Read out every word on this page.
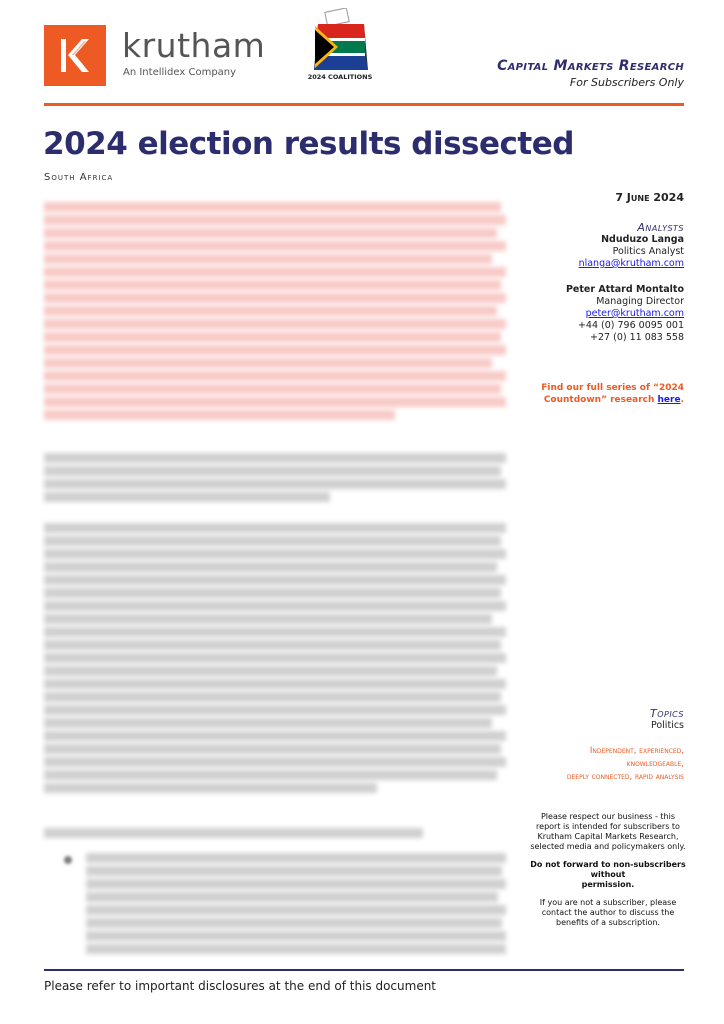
krutham
An Intellidex Company	2024 COALITIONS
Capital Markets Research
For Subscribers Only
2024 election results dissected
South Africa
7 June 2024
Analysts
Nduduzo Langa
Politics Analyst
nlanga@krutham.com
Peter Attard Montalto
Managing Director
peter@krutham.com
+44 (0) 796 0095 001
+27 (0) 11 083 558
Find our full series of “2024 Countdown” research here.
Topics
Politics
Independent, experienced,
knowledgeable,
deeply connected, rapid analysis

Please respect our business - this report is intended for subscribers to Krutham Capital Markets Research, selected media and policymakers only.

Do not forward to non-subscribers without
permission.

If you are not a subscriber, please contact the author to discuss the benefits of a subscription.

Please refer to important disclosures at the end of this document
